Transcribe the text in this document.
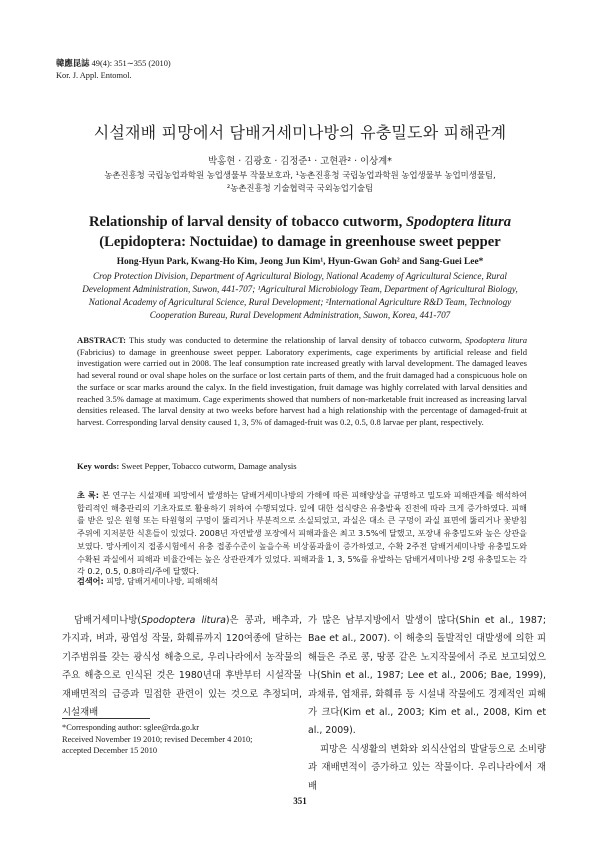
韓應昆誌 49(4): 351∼355 (2010)
Kor. J. Appl. Entomol.
시설재배 피망에서 담배거세미나방의 유충밀도와 피해관계
박홍현 · 김광호 · 김정준¹ · 고현관² · 이상계*
농촌진흥청 국립농업과학원 농업생물부 작물보호과, ¹농촌진흥청 국립농업과학원 농업생물부 농업미생물팀,
²농촌진흥청 기술협력국 국외농업기술팀
Relationship of larval density of tobacco cutworm, Spodoptera litura (Lepidoptera: Noctuidae) to damage in greenhouse sweet pepper
Hong-Hyun Park, Kwang-Ho Kim, Jeong Jun Kim¹, Hyun-Gwan Goh² and Sang-Guei Lee*
Crop Protection Division, Department of Agricultural Biology, National Academy of Agricultural Science, Rural
Development Administration, Suwon, 441-707; ¹Agricultural Microbiology Team, Department of Agricultural Biology,
National Academy of Agricultural Science, Rural Development; ²International Agriculture R&D Team, Technology
Cooperation Bureau, Rural Development Administration, Suwon, Korea, 441-707
ABSTRACT: This study was conducted to determine the relationship of larval density of tobacco cutworm, Spodoptera litura (Fabricius) to damage in greenhouse sweet pepper. Laboratory experiments, cage experiments by artificial release and field investigation were carried out in 2008. The leaf consumption rate increased greatly with larval development. The damaged leaves had several round or oval shape holes on the surface or lost certain parts of them, and the fruit damaged had a conspicuous hole on the surface or scar marks around the calyx. In the field investigation, fruit damage was highly correlated with larval densities and reached 3.5% damage at maximum. Cage experiments showed that numbers of non-marketable fruit increased as increasing larval densities released. The larval density at two weeks before harvest had a high relationship with the percentage of damaged-fruit at harvest. Corresponding larval density caused 1, 3, 5% of damaged-fruit was 0.2, 0.5, 0.8 larvae per plant, respectively.
Key words: Sweet Pepper, Tobacco cutworm, Damage analysis
초 록: 본 연구는 시설재배 피망에서 발생하는 담배거세미나방의 가해에 따른 피해양상을 규명하고 밀도와 피해관계를 해석하여 합리적인 해충관리의 기초자료로 활용하기 위하여 수행되었다. 잎에 대한 섭식량은 유충발육 진전에 따라 크게 증가하였다. 피해를 받은 잎은 원형 또는 타원형의 구멍이 뚫리거나 부분적으로 소실되었고, 과실은 대소 큰 구멍이 과실 표면에 뚫리거나 꽃받침 주위에 지저분한 식흔들이 있었다. 2008년 자연발생 포장에서 피해과율은 최고 3.5%에 달했고, 포장내 유충밀도와 높은 상관을 보였다. 망사케이지 접종시험에서 유충 접종수준이 높을수록 비상품과율이 증가하였고, 수확 2주전 담배거세미나방 유충밀도와 수확된 과실에서 피해과 비율간에는 높은 상관관계가 있었다. 피해과율 1, 3, 5%를 유발하는 담배거세미나방 2령 유충밀도는 각각 0.2, 0.5, 0.8마리/주에 달했다.
검색어: 피망, 담배거세미나방, 피해해석

담배거세미나방(Spodoptera litura)은 콩과, 배추과, 가지과, 벼과, 광엽성 작물, 화훼류까지 120여종에 달하는 기주범위를 갖는 광식성 해충으로, 우리나라에서 농작물의 주요 해충으로 인식된 것은 1980년대 후반부터 시설작물 재배면적의 급증과 밀접한 관련이 있는 것으로 추정되며, 시설재배

가 많은 남부지방에서 발생이 많다(Shin et al., 1987; Bae et al., 2007). 이 해충의 돌발적인 대발생에 의한 피해들은 주로 콩, 땅콩 같은 노지작물에서 주로 보고되었으나(Shin et al., 1987; Lee et al., 2006; Bae, 1999), 과채류, 엽채류, 화훼류 등 시설내 작물에도 경제적인 피해가 크다(Kim et al., 2003; Kim et al., 2008, Kim et al., 2009).

피망은 식생활의 변화와 외식산업의 발달등으로 소비량과 재배면적이 증가하고 있는 작물이다. 우리나라에서 재배

*Corresponding author: sglee@rda.go.kr
Received November 19 2010; revised December 4 2010;
accepted December 15 2010
351
